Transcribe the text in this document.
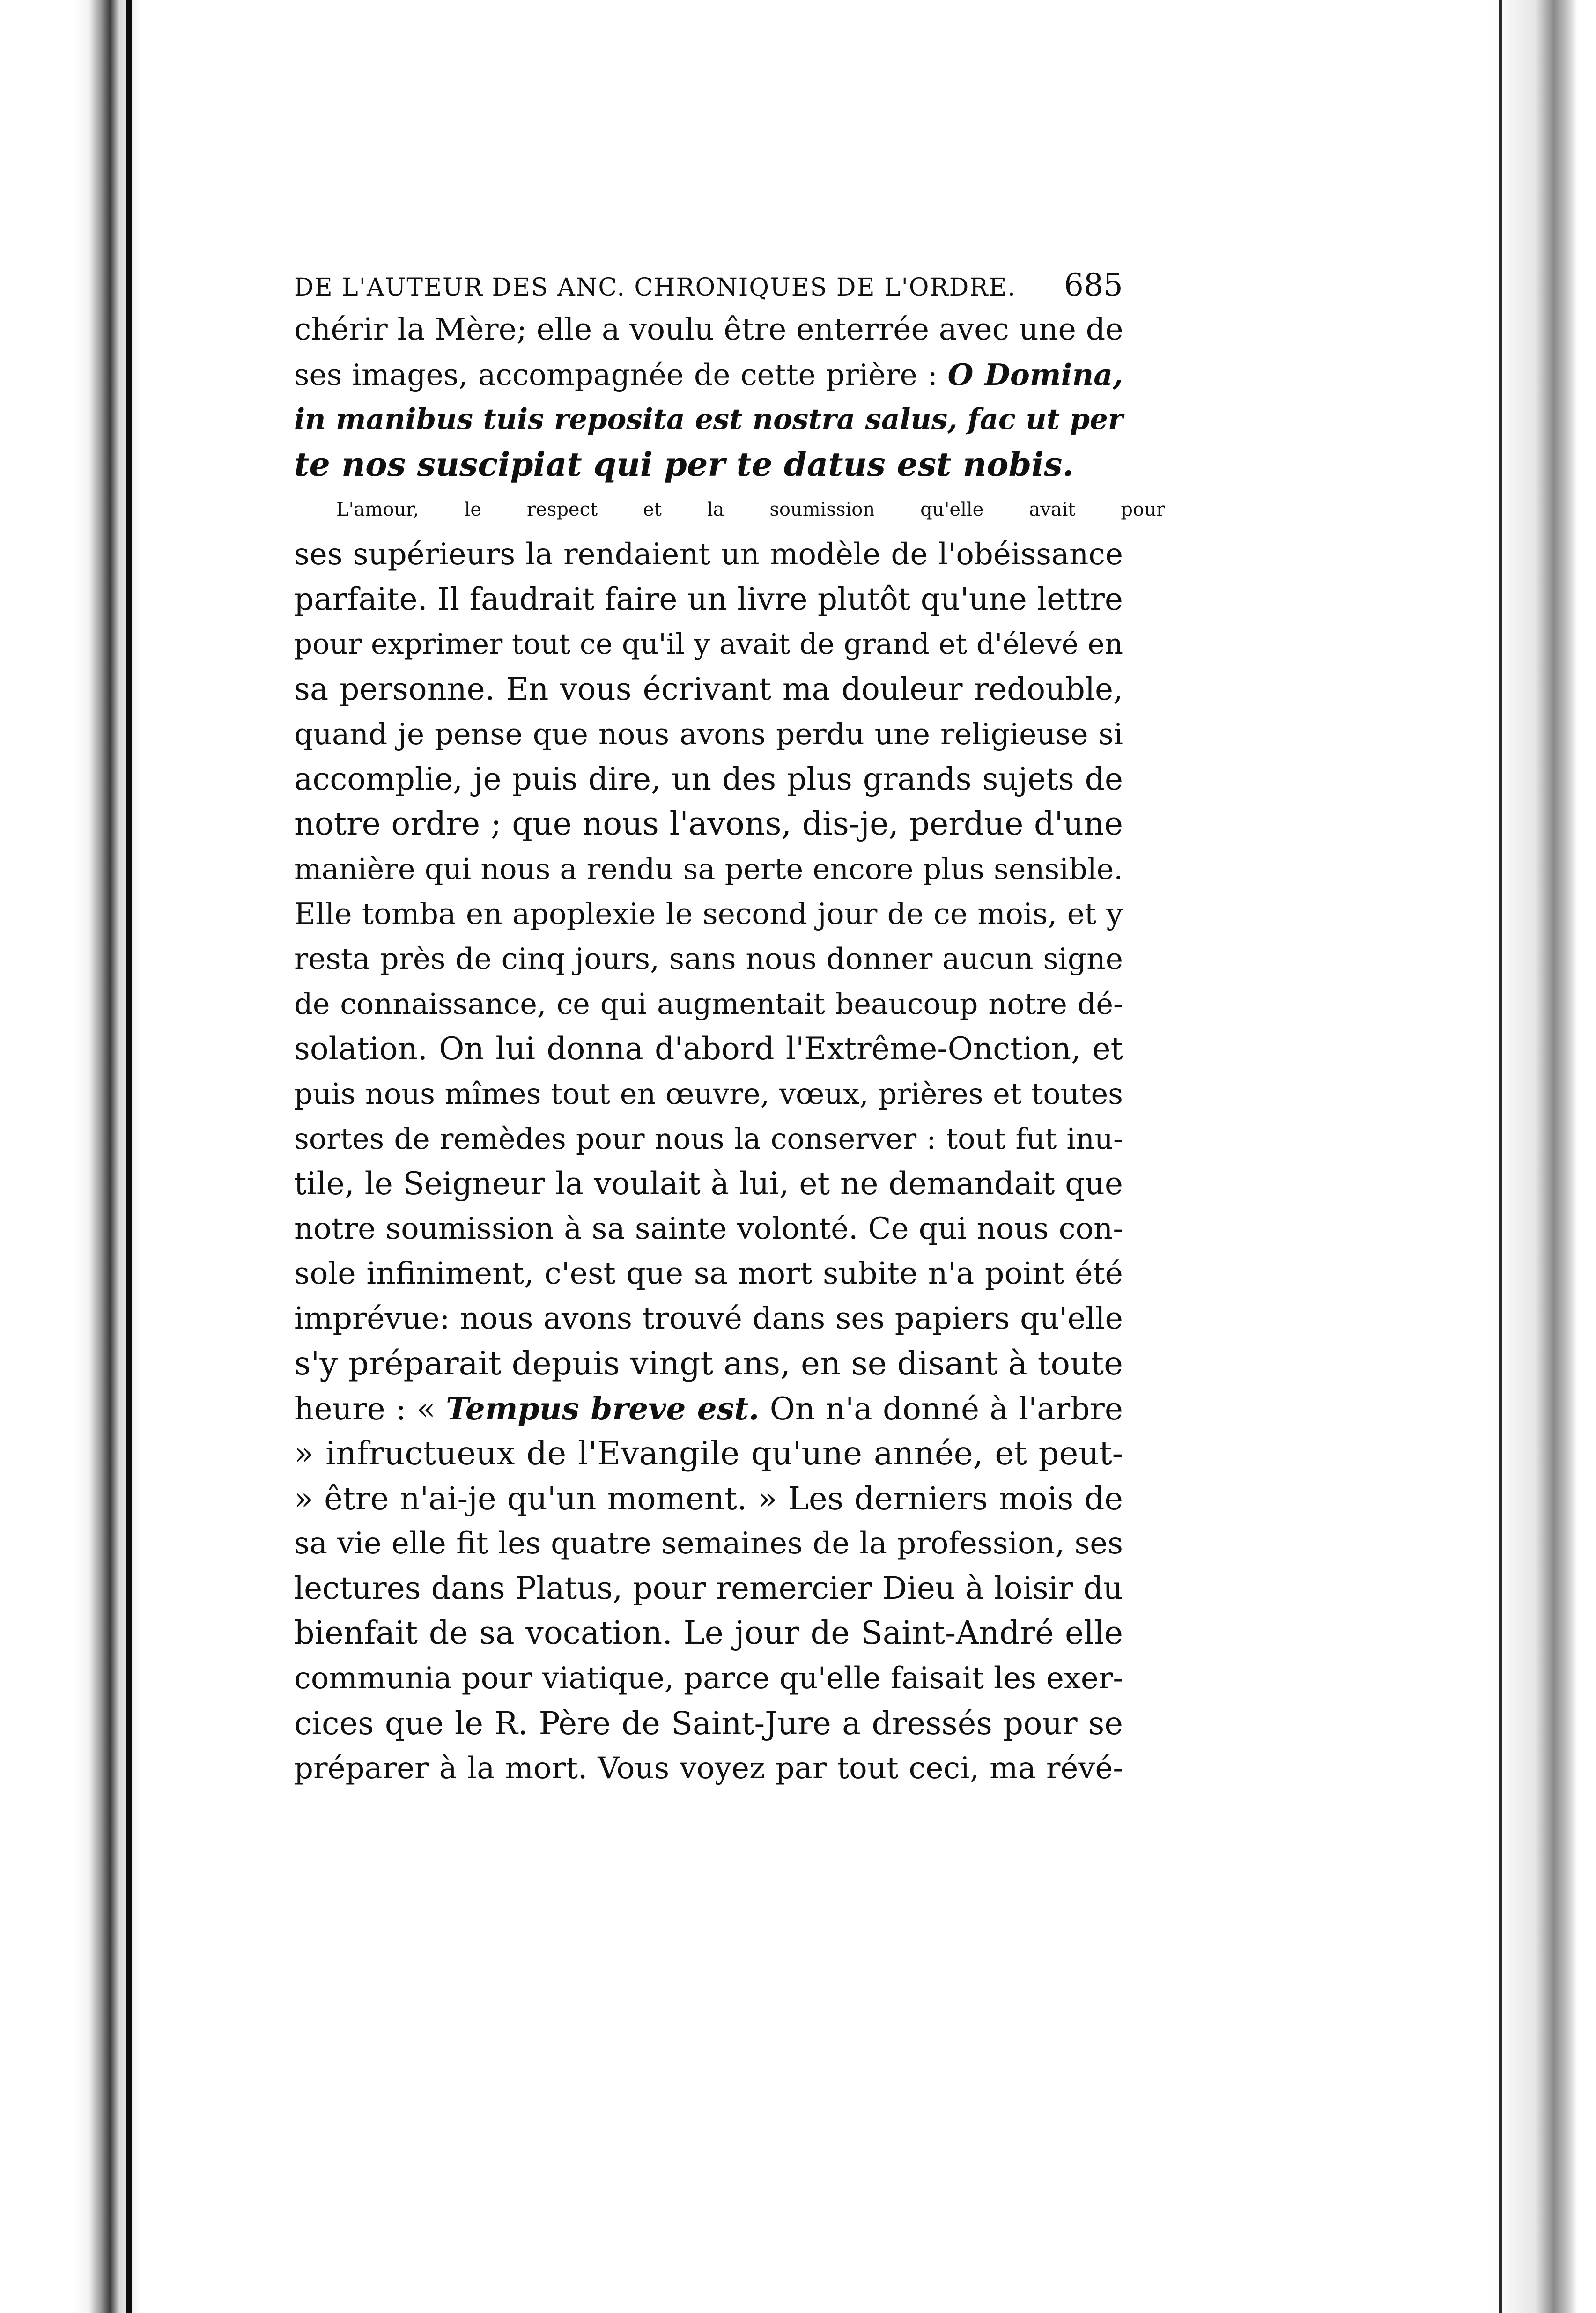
DE L'AUTEUR DES ANC. CHRONIQUES DE L'ORDRE. 685
chérir la Mère; elle a voulu être enterrée avec une de
ses images, accompagnée de cette prière : O Domina,
in manibus tuis reposita est nostra salus, fac ut per
te nos suscipiat qui per te datus est nobis.
L'amour, le respect et la soumission qu'elle avait pour
ses supérieurs la rendaient un modèle de l'obéissance
parfaite. Il faudrait faire un livre plutôt qu'une lettre
pour exprimer tout ce qu'il y avait de grand et d'élevé en
sa personne. En vous écrivant ma douleur redouble,
quand je pense que nous avons perdu une religieuse si
accomplie, je puis dire, un des plus grands sujets de
notre ordre ; que nous l'avons, dis-je, perdue d'une
manière qui nous a rendu sa perte encore plus sensible.
Elle tomba en apoplexie le second jour de ce mois, et y
resta près de cinq jours, sans nous donner aucun signe
de connaissance, ce qui augmentait beaucoup notre dé-
solation. On lui donna d'abord l'Extrême-Onction, et
puis nous mîmes tout en œuvre, vœux, prières et toutes
sortes de remèdes pour nous la conserver : tout fut inu-
tile, le Seigneur la voulait à lui, et ne demandait que
notre soumission à sa sainte volonté. Ce qui nous con-
sole infiniment, c'est que sa mort subite n'a point été
imprévue: nous avons trouvé dans ses papiers qu'elle
s'y préparait depuis vingt ans, en se disant à toute
heure : « Tempus breve est. On n'a donné à l'arbre
» infructueux de l'Evangile qu'une année, et peut-
» être n'ai-je qu'un moment. » Les derniers mois de
sa vie elle fit les quatre semaines de la profession, ses
lectures dans Platus, pour remercier Dieu à loisir du
bienfait de sa vocation. Le jour de Saint-André elle
communia pour viatique, parce qu'elle faisait les exer-
cices que le R. Père de Saint-Jure a dressés pour se
préparer à la mort. Vous voyez par tout ceci, ma révé-
